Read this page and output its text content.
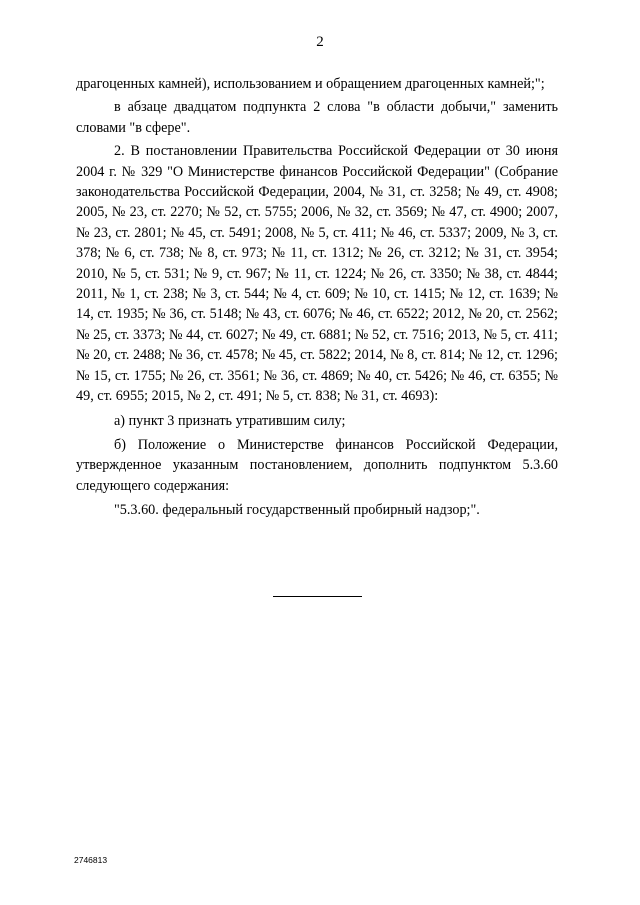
2

драгоценных камней), использованием и обращением драгоценных камней;";

в абзаце двадцатом подпункта 2 слова "в области добычи," заменить словами "в сфере".

2. В постановлении Правительства Российской Федерации от 30 июня 2004 г. № 329 "О Министерстве финансов Российской Федерации" (Собрание законодательства Российской Федерации, 2004, № 31, ст. 3258; № 49, ст. 4908; 2005, № 23, ст. 2270; № 52, ст. 5755; 2006, № 32, ст. 3569; № 47, ст. 4900; 2007, № 23, ст. 2801; № 45, ст. 5491; 2008, № 5, ст. 411; № 46, ст. 5337; 2009, № 3, ст. 378; № 6, ст. 738; № 8, ст. 973; № 11, ст. 1312; № 26, ст. 3212; № 31, ст. 3954; 2010, № 5, ст. 531; № 9, ст. 967; № 11, ст. 1224; № 26, ст. 3350; № 38, ст. 4844; 2011, № 1, ст. 238; № 3, ст. 544; № 4, ст. 609; № 10, ст. 1415; № 12, ст. 1639; № 14, ст. 1935; № 36, ст. 5148; № 43, ст. 6076; № 46, ст. 6522; 2012, № 20, ст. 2562; № 25, ст. 3373; № 44, ст. 6027; № 49, ст. 6881; № 52, ст. 7516; 2013, № 5, ст. 411; № 20, ст. 2488; № 36, ст. 4578; № 45, ст. 5822; 2014, № 8, ст. 814; № 12, ст. 1296; № 15, ст. 1755; № 26, ст. 3561; № 36, ст. 4869; № 40, ст. 5426; № 46, ст. 6355; № 49, ст. 6955; 2015, № 2, ст. 491; № 5, ст. 838; № 31, ст. 4693):

а) пункт 3 признать утратившим силу;

б) Положение о Министерстве финансов Российской Федерации, утвержденное указанным постановлением, дополнить подпунктом 5.3.60 следующего содержания:

"5.3.60. федеральный государственный пробирный надзор;".

2746813
